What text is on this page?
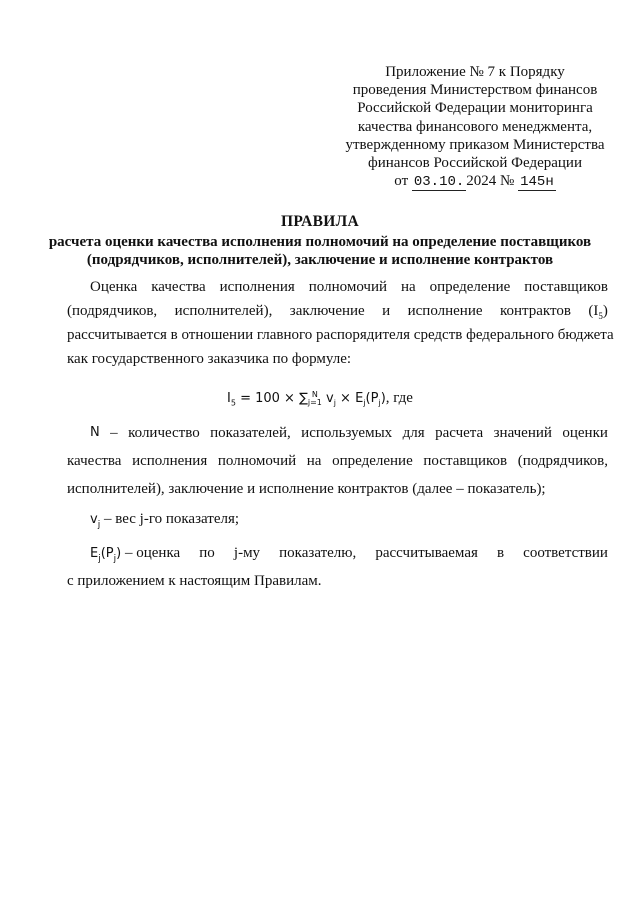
Приложение № 7 к Порядку
проведения Министерством финансов
Российской Федерации мониторинга
качества финансового менеджмента,
утвержденному приказом Министерства
финансов Российской Федерации
от 03.10. 2024 № 145н
ПРАВИЛА
расчета оценки качества исполнения полномочий на определение поставщиков
(подрядчиков, исполнителей), заключение и исполнение контрактов
Оценка качества исполнения полномочий на определение поставщиков
(подрядчиков, исполнителей), заключение и исполнение контрактов $(I_5)$
рассчитывается в отношении главного распорядителя средств федерального бюджета
как государственного заказчика по формуле:
$I_5 = 100$ × ∑ N
j=1 $v_j \times E_j(P_j)$, где
N – количество показателей, используемых для расчета значений оценки
качества исполнения полномочий на определение поставщиков (подрядчиков,
исполнителей), заключение и исполнение контрактов (далее – показатель);
$v_j$ – вес j-го показателя;
$E_j(P_j)$ – оценка по j-му показателю, рассчитываемая в соответствии
с приложением к настоящим Правилам.
